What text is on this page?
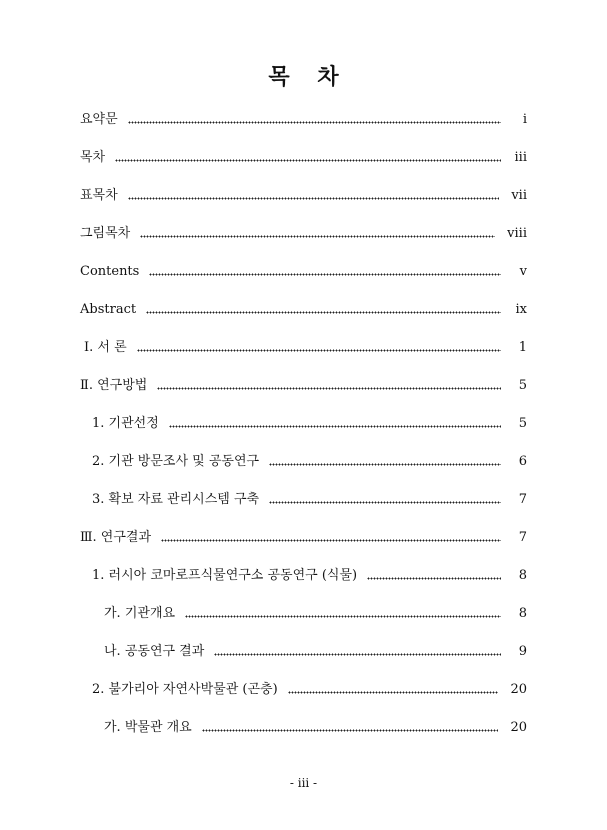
목 차
요약문	i
목차	iii
표목차	vii
그림목차	viii
Contents	v
Abstract	ix
Ⅰ. 서 론	1
Ⅱ. 연구방법	5
1. 기관선정	5
2. 기관 방문조사 및 공동연구	6
3. 확보 자료 관리시스템 구축	7
Ⅲ. 연구결과	7
1. 러시아 코마로프식물연구소 공동연구 (식물)	8
가. 기관개요	8
나. 공동연구 결과	9
2. 불가리아 자연사박물관 (곤충)	20
가. 박물관 개요	20
- iii -
